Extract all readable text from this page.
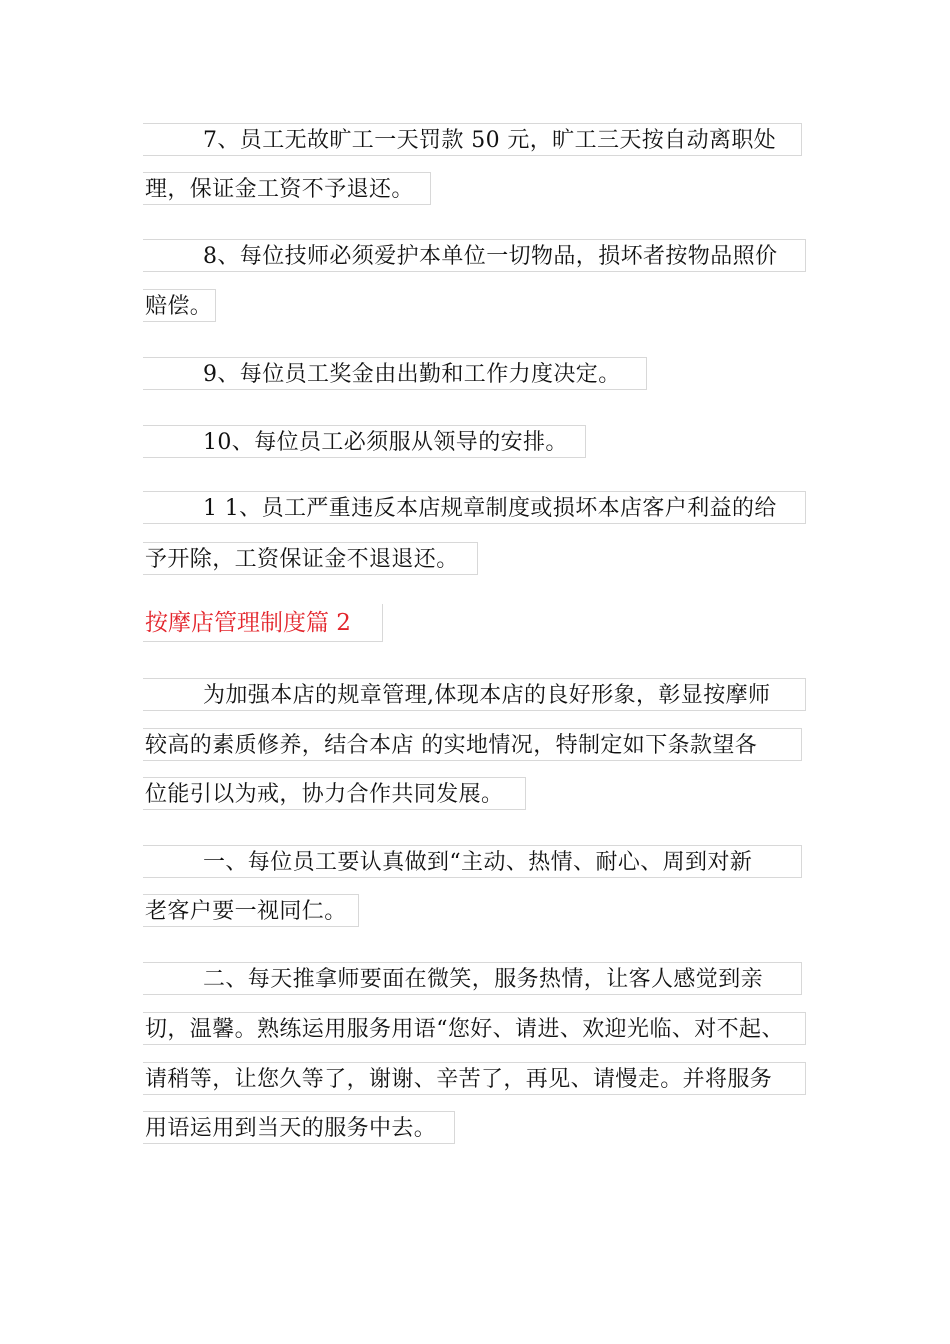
7、员工无故旷工一天罚款 50 元，旷工三天按自动离职处
理，保证金工资不予退还。
8、每位技师必须爱护本单位一切物品，损坏者按物品照价
赔偿。
9、每位员工奖金由出勤和工作力度决定。
10、每位员工必须服从领导的安排。
1 1、员工严重违反本店规章制度或损坏本店客户利益的给
予开除，工资保证金不退退还。
按摩店管理制度篇 2
为加强本店的规章管理,体现本店的良好形象，彰显按摩师
较高的素质修养，结合本店 的实地情况，特制定如下条款望各
位能引以为戒，协力合作共同发展。
一、每位员工要认真做到“主动、热情、耐心、周到对新
老客户要一视同仁。
二、每天推拿师要面在微笑，服务热情，让客人感觉到亲
切，温馨。熟练运用服务用语“您好、请进、欢迎光临、对不起、
请稍等，让您久等了，谢谢、辛苦了，再见、请慢走。并将服务
用语运用到当天的服务中去。
